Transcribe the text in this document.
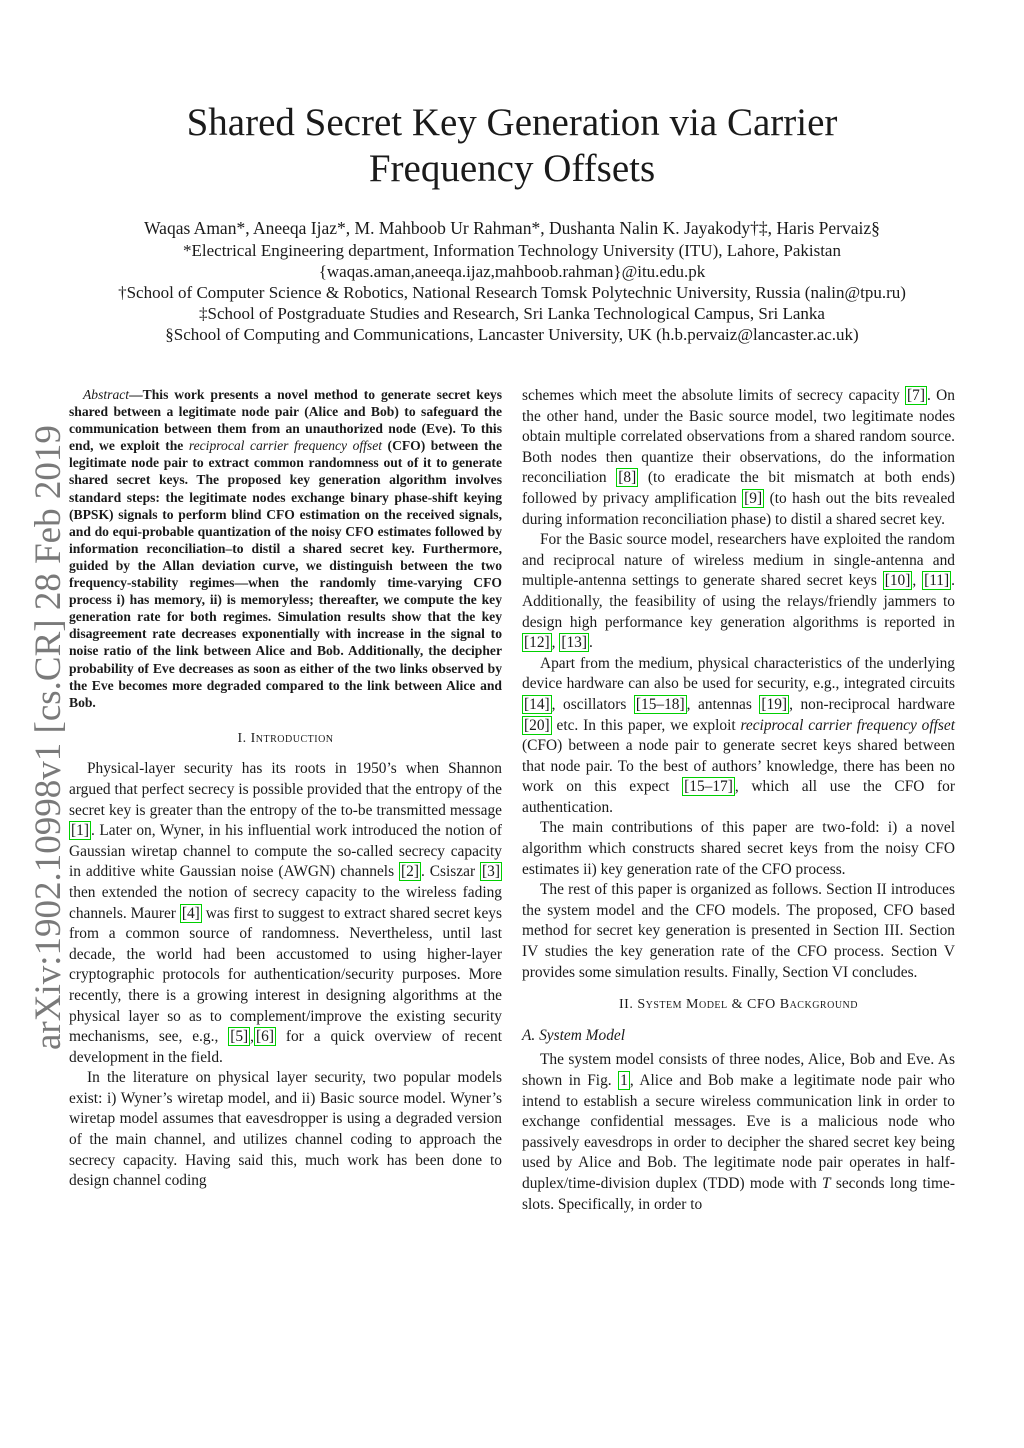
Shared Secret Key Generation via Carrier
Frequency Offsets
Waqas Aman*, Aneeqa Ijaz*, M. Mahboob Ur Rahman*, Dushanta Nalin K. Jayakody†‡, Haris Pervaiz§
*Electrical Engineering department, Information Technology University (ITU), Lahore, Pakistan
{waqas.aman,aneeqa.ijaz,mahboob.rahman}@itu.edu.pk
†School of Computer Science & Robotics, National Research Tomsk Polytechnic University, Russia (nalin@tpu.ru)
‡School of Postgraduate Studies and Research, Sri Lanka Technological Campus, Sri Lanka
§School of Computing and Communications, Lancaster University, UK (h.b.pervaiz@lancaster.ac.uk)
arXiv:1902.10998v1 [cs.CR] 28 Feb 2019

Abstract—This work presents a novel method to generate secret keys shared between a legitimate node pair (Alice and Bob) to safeguard the communication between them from an unauthorized node (Eve). To this end, we exploit the reciprocal carrier frequency offset (CFO) between the legitimate node pair to extract common randomness out of it to generate shared secret keys. The proposed key generation algorithm involves standard steps: the legitimate nodes exchange binary phase-shift keying (BPSK) signals to perform blind CFO estimation on the received signals, and do equi-probable quantization of the noisy CFO estimates followed by information reconciliation–to distil a shared secret key. Furthermore, guided by the Allan deviation curve, we distinguish between the two frequency-stability regimes—when the randomly time-varying CFO process i) has memory, ii) is memoryless; thereafter, we compute the key generation rate for both regimes. Simulation results show that the key disagreement rate decreases exponentially with increase in the signal to noise ratio of the link between Alice and Bob. Additionally, the decipher probability of Eve decreases as soon as either of the two links observed by the Eve becomes more degraded compared to the link between Alice and Bob.

I. Introduction

Physical-layer security has its roots in 1950’s when Shannon argued that perfect secrecy is possible provided that the entropy of the secret key is greater than the entropy of the to-be transmitted message [1] . Later on, Wyner, in his influential work introduced the notion of Gaussian wiretap channel to compute the so-called secrecy capacity in additive white Gaussian noise (AWGN) channels [2] . Csiszar [3] then extended the notion of secrecy capacity to the wireless fading channels. Maurer [4] was first to suggest to extract shared secret keys from a common source of randomness. Nevertheless, until last decade, the world had been accustomed to using higher-layer cryptographic protocols for authentication/security purposes. More recently, there is a growing interest in designing algorithms at the physical layer so as to complement/improve the existing security mechanisms, see, e.g., [5] , [6] for a quick overview of recent development in the field.

In the literature on physical layer security, two popular models exist: i) Wyner’s wiretap model, and ii) Basic source model. Wyner’s wiretap model assumes that eavesdropper is using a degraded version of the main channel, and utilizes channel coding to approach the secrecy capacity. Having said this, much work has been done to design channel coding

schemes which meet the absolute limits of secrecy capacity [7] . On the other hand, under the Basic source model, two legitimate nodes obtain multiple correlated observations from a shared random source. Both nodes then quantize their observations, do the information reconciliation [8] (to eradicate the bit mismatch at both ends) followed by privacy amplification [9] (to hash out the bits revealed during information reconciliation phase) to distil a shared secret key.

For the Basic source model, researchers have exploited the random and reciprocal nature of wireless medium in single-antenna and multiple-antenna settings to generate shared secret keys [10] , [11] . Additionally, the feasibility of using the relays/friendly jammers to design high performance key generation algorithms is reported in [12] , [13] .

Apart from the medium, physical characteristics of the underlying device hardware can also be used for security, e.g., integrated circuits [14] , oscillators [15–18] , antennas [19] , non-reciprocal hardware [20] etc. In this paper, we exploit reciprocal carrier frequency offset (CFO) between a node pair to generate secret keys shared between that node pair. To the best of authors’ knowledge, there has been no work on this expect [15–17] , which all use the CFO for authentication.

The main contributions of this paper are two-fold: i) a novel algorithm which constructs shared secret keys from the noisy CFO estimates ii) key generation rate of the CFO process.

The rest of this paper is organized as follows. Section II introduces the system model and the CFO models. The proposed, CFO based method for secret key generation is presented in Section III. Section IV studies the key generation rate of the CFO process. Section V provides some simulation results. Finally, Section VI concludes.

II. System Model & CFO Background
A. System Model

The system model consists of three nodes, Alice, Bob and Eve. As shown in Fig. 1 , Alice and Bob make a legitimate node pair who intend to establish a secure wireless communication link in order to exchange confidential messages. Eve is a malicious node who passively eavesdrops in order to decipher the shared secret key being used by Alice and Bob. The legitimate node pair operates in half-duplex/time-division duplex (TDD) mode with T seconds long time-slots. Specifically, in order to
